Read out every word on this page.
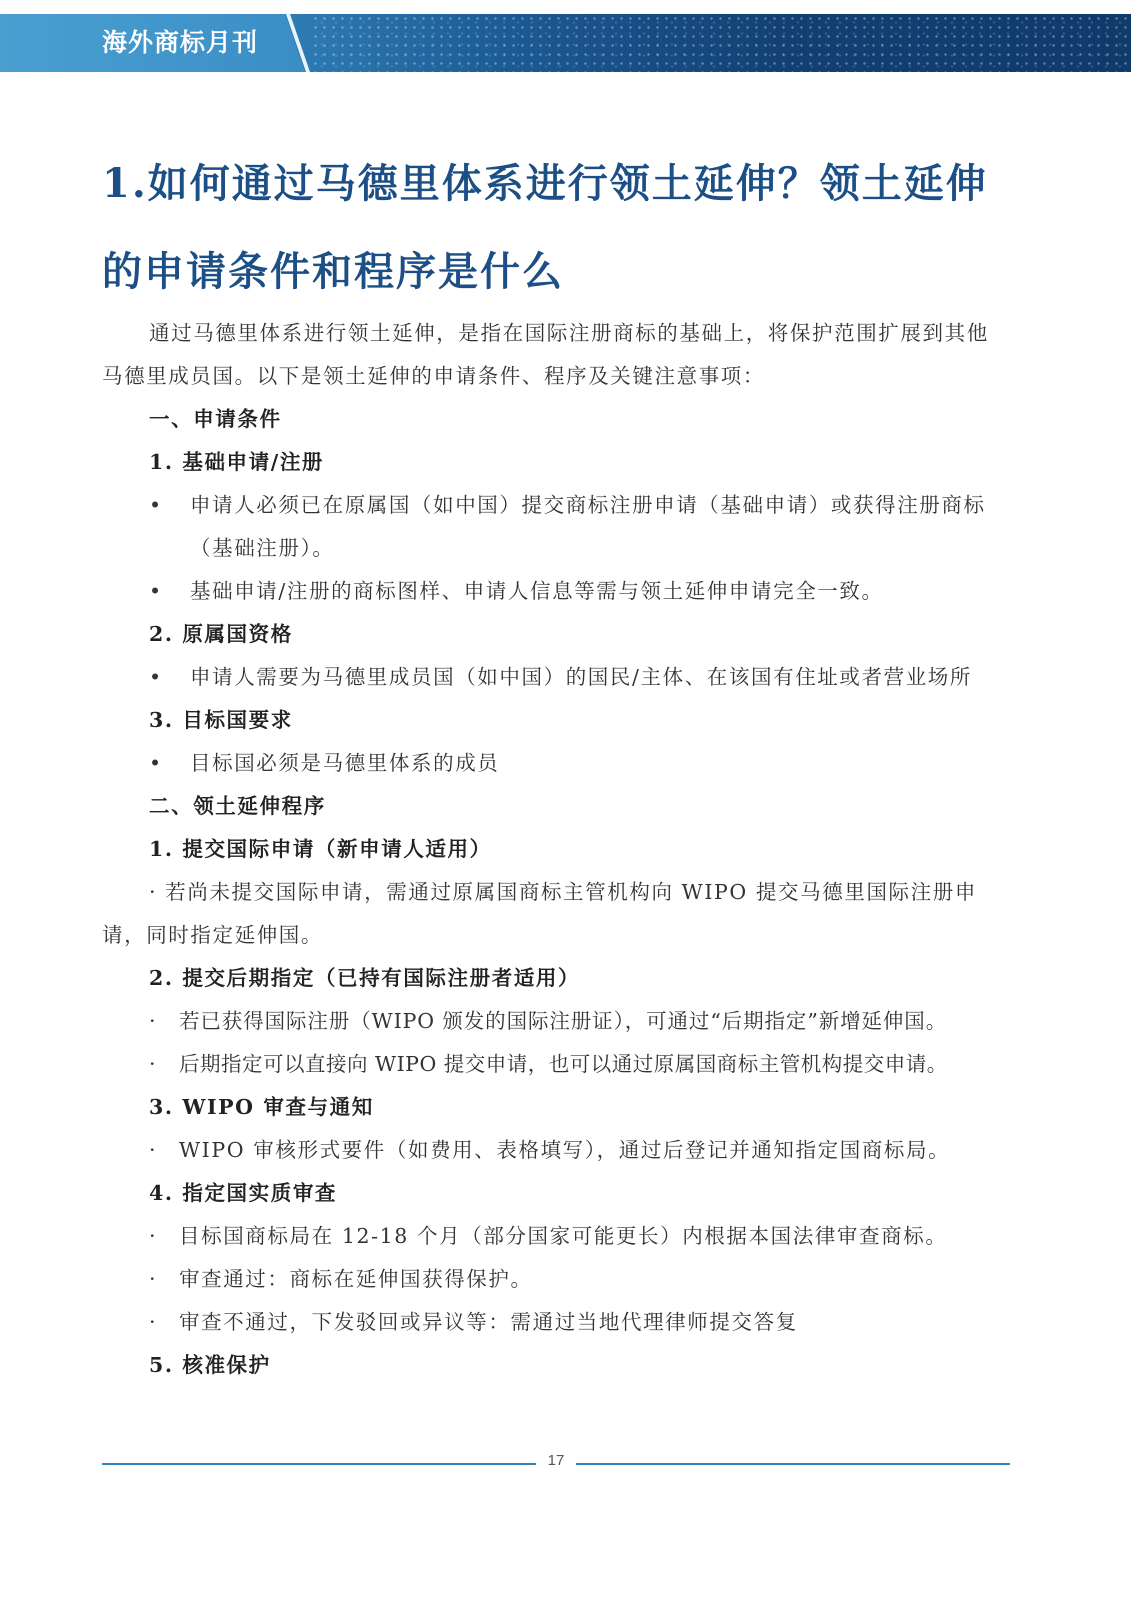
海外商标月刊
1.如何通过马德里体系进行领土延伸？领土延伸
的申请条件和程序是什么

通过马德里体系进行领土延伸，是指在国际注册商标的基础上，将保护范围扩展到其他马德里成员国。以下是领土延伸的申请条件、程序及关键注意事项：

一、申请条件

1. 基础申请/注册

• 申请人必须已在原属国（如中国）提交商标注册申请（基础申请）或获得注册商标（基础注册）。

• 基础申请/注册的商标图样、申请人信息等需与领土延伸申请完全一致。

2. 原属国资格

• 申请人需要为马德里成员国（如中国）的国民/主体、在该国有住址或者营业场所

3. 目标国要求

• 目标国必须是马德里体系的成员

二、领土延伸程序

1. 提交国际申请（新申请人适用）

· 若尚未提交国际申请，需通过原属国商标主管机构向 WIPO 提交马德里国际注册申请，同时指定延伸国。

2. 提交后期指定（已持有国际注册者适用）

· 若已获得国际注册（WIPO 颁发的国际注册证），可通过“后期指定”新增延伸国。

· 后期指定可以直接向 WIPO 提交申请，也可以通过原属国商标主管机构提交申请。

3. WIPO 审查与通知

· WIPO 审核形式要件（如费用、表格填写），通过后登记并通知指定国商标局。

4. 指定国实质审查

· 目标国商标局在 12-18 个月（部分国家可能更长）内根据本国法律审查商标。

· 审查通过：商标在延伸国获得保护。

· 审查不通过，下发驳回或异议等：需通过当地代理律师提交答复

5. 核准保护

17
